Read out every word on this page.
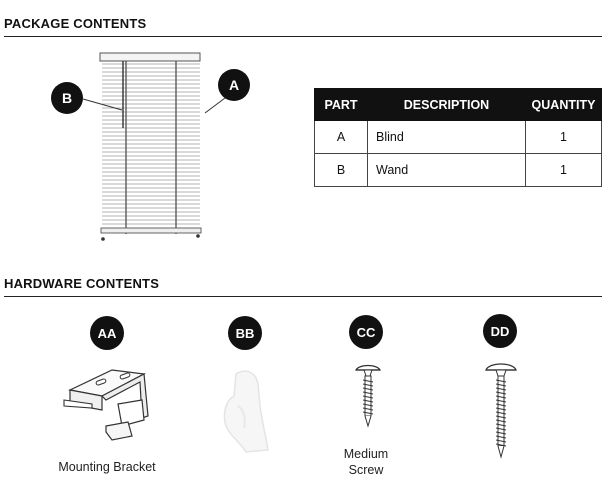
PACKAGE CONTENTS
B
A
PART	DESCRIPTION	QUANTITY
A	Blind	1
B	Wand	1
HARDWARE CONTENTS
AA	BB	CC	DD
Mounting Bracket
Medium
Screw
